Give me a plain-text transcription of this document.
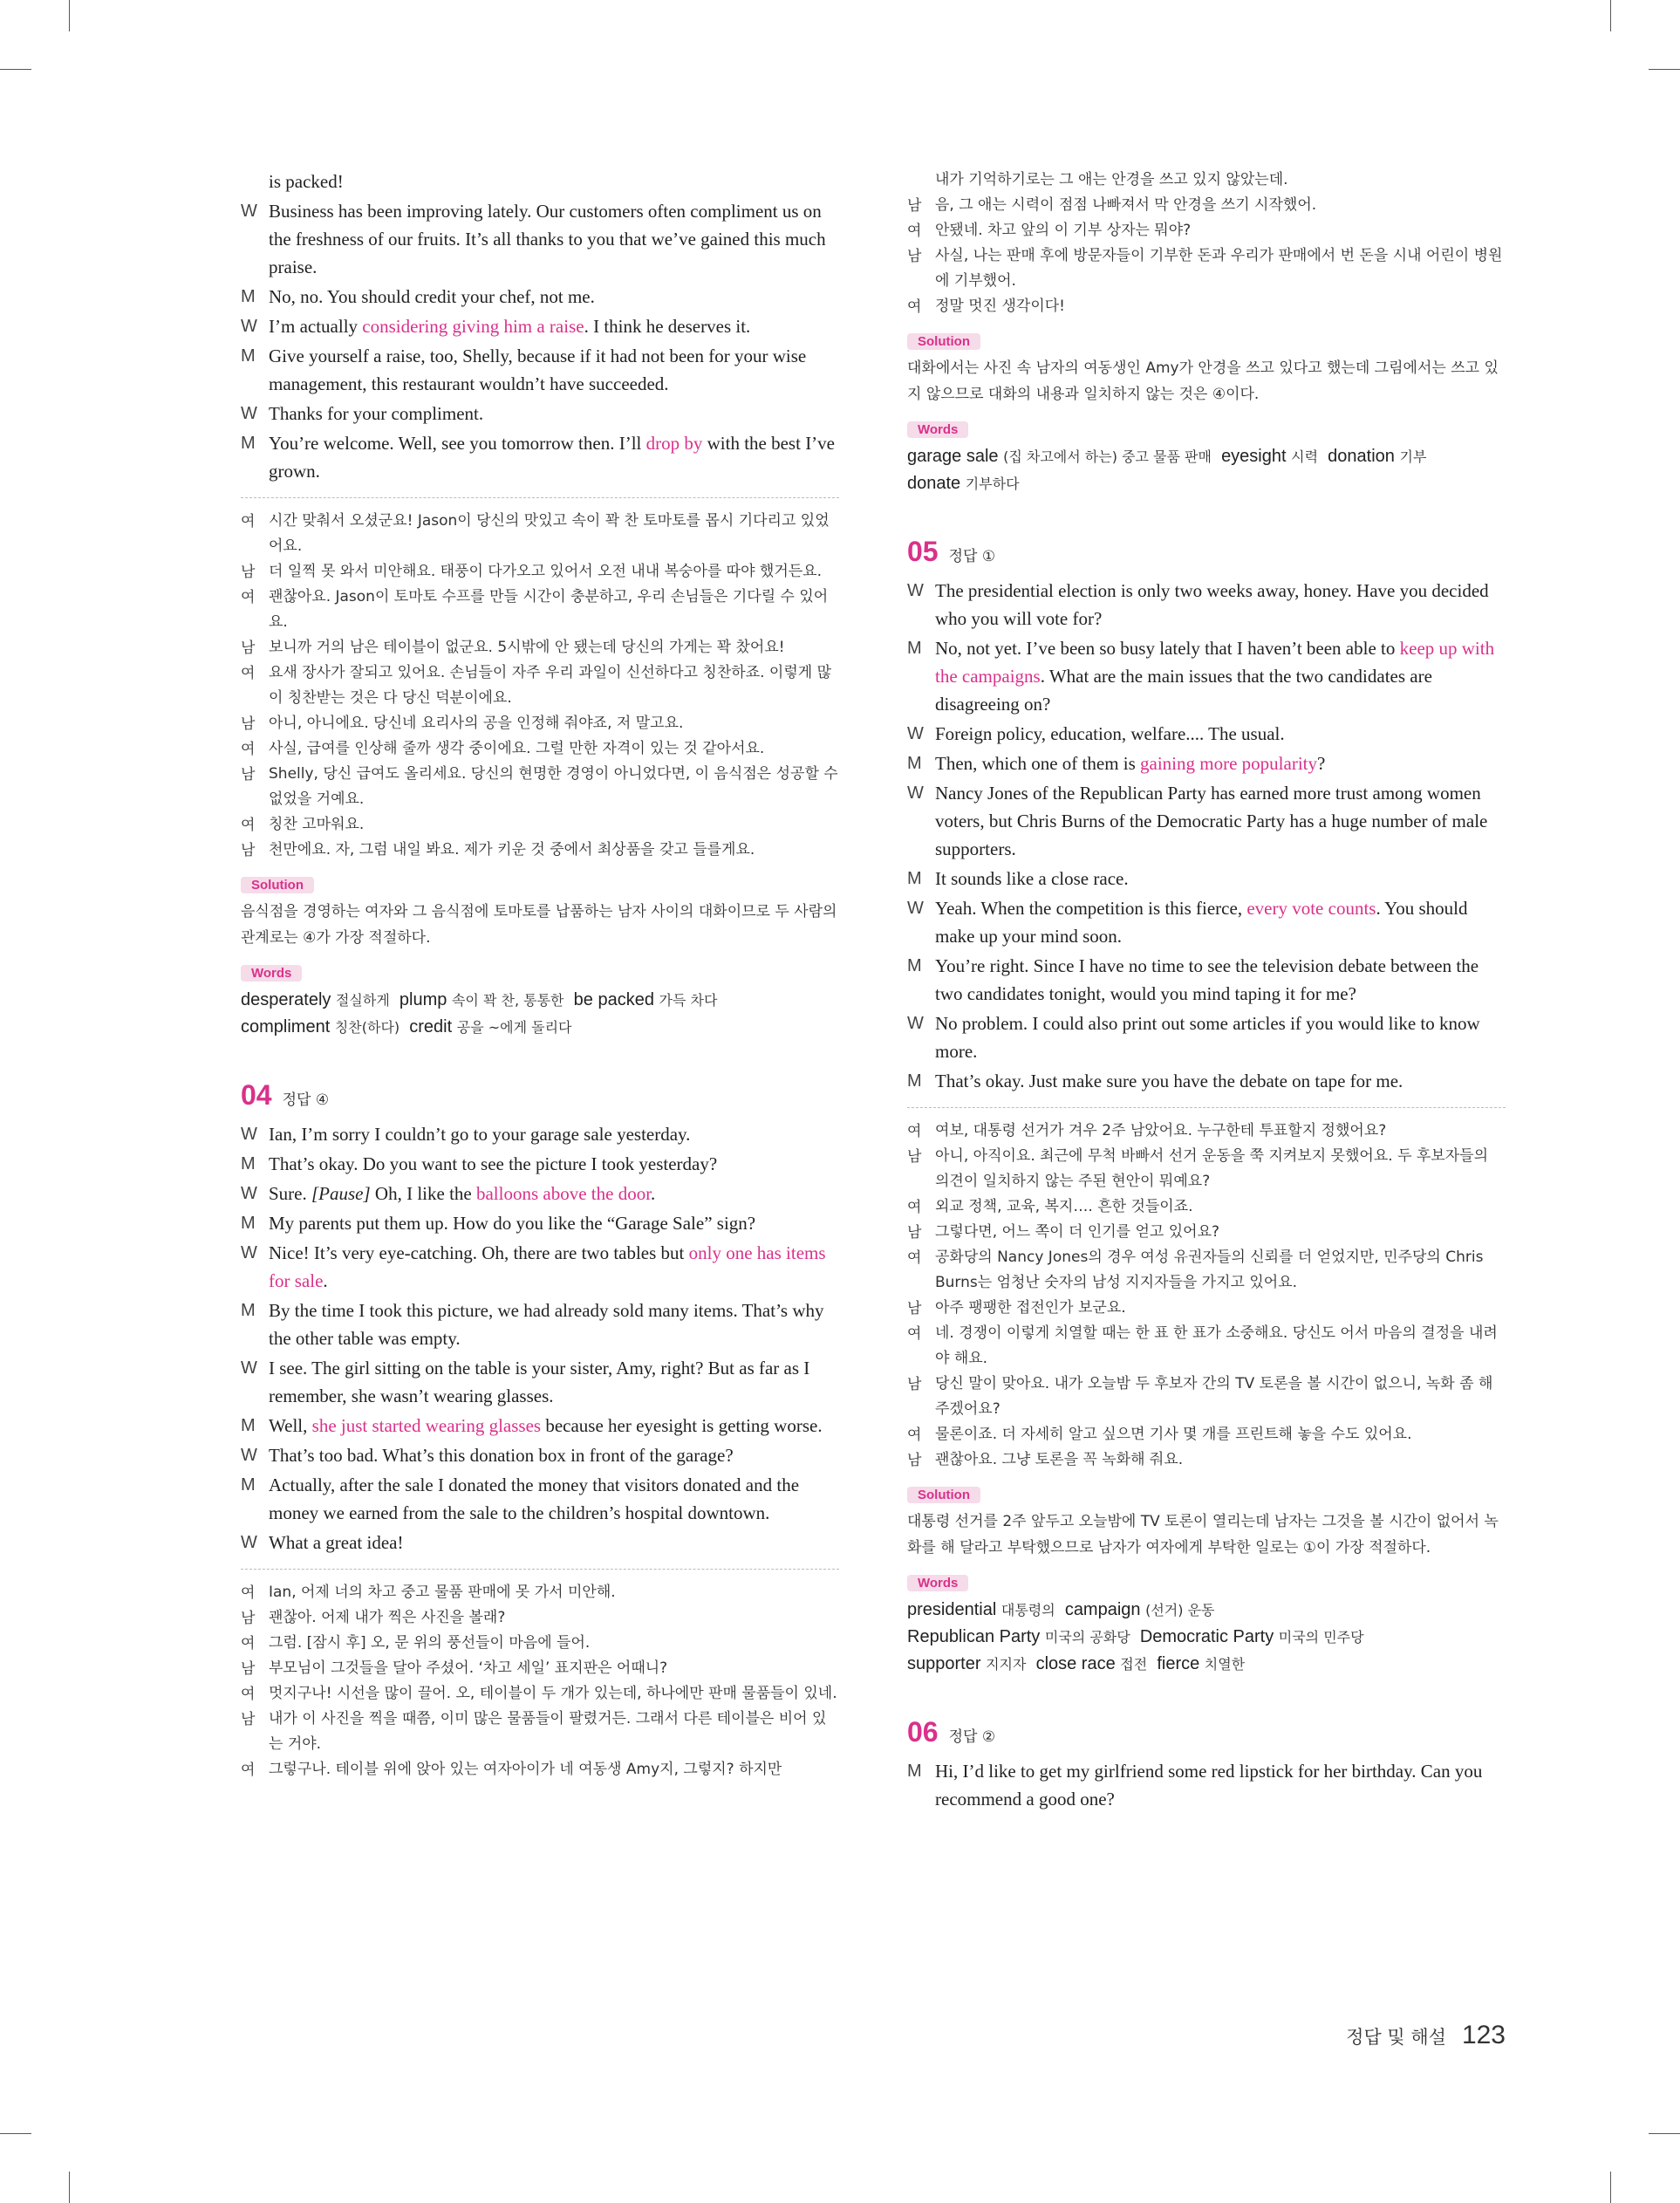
is packed!
W Business has been improving lately. Our customers often compliment us on the freshness of our fruits. It’s all thanks to you that we’ve gained this much praise.
M No, no. You should credit your chef, not me.
W I’m actually considering giving him a raise. I think he deserves it.
M Give yourself a raise, too, Shelly, because if it had not been for your wise management, this restaurant wouldn’t have succeeded.
W Thanks for your compliment.
M You’re welcome. Well, see you tomorrow then. I’ll drop by with the best I’ve grown.
여 시간 맞춰서 오셨군요! Jason이 당신의 맛있고 속이 꽉 찬 토마토를 몹시 기다리고 있었어요.
남 더 일찍 못 와서 미안해요. 태풍이 다가오고 있어서 오전 내내 복숭아를 따야 했거든요.
여 괜찮아요. Jason이 토마토 수프를 만들 시간이 충분하고, 우리 손님들은 기다릴 수 있어요.
남 보니까 거의 남은 테이블이 없군요. 5시밖에 안 됐는데 당신의 가게는 꽉 찼어요!
여 요새 장사가 잘되고 있어요. 손님들이 자주 우리 과일이 신선하다고 칭찬하죠. 이렇게 많이 칭찬받는 것은 다 당신 덕분이에요.
남 아니, 아니에요. 당신네 요리사의 공을 인정해 줘야죠, 저 말고요.
여 사실, 급여를 인상해 줄까 생각 중이에요. 그럴 만한 자격이 있는 것 같아서요.
남 Shelly, 당신 급여도 올리세요. 당신의 현명한 경영이 아니었다면, 이 음식점은 성공할 수 없었을 거예요.
여 칭찬 고마워요.
남 천만에요. 자, 그럼 내일 봐요. 제가 키운 것 중에서 최상품을 갖고 들를게요.
Solution
음식점을 경영하는 여자와 그 음식점에 토마토를 납품하는 남자 사이의 대화이므로 두 사람의 관계로는 ④가 가장 적절하다.
Words
desperately 절실하게 plump 속이 꽉 찬, 통통한 be packed 가득 차다
compliment 칭찬(하다) credit 공을 ~에게 돌리다
04 정답 ④
W Ian, I’m sorry I couldn’t go to your garage sale yesterday.
M That’s okay. Do you want to see the picture I took yesterday?
W Sure. [Pause] Oh, I like the balloons above the door.
M My parents put them up. How do you like the “Garage Sale” sign?
W Nice! It’s very eye-catching. Oh, there are two tables but only one has items for sale.
M By the time I took this picture, we had already sold many items. That’s why the other table was empty.
W I see. The girl sitting on the table is your sister, Amy, right? But as far as I remember, she wasn’t wearing glasses.
M Well, she just started wearing glasses because her eyesight is getting worse.
W That’s too bad. What’s this donation box in front of the garage?
M Actually, after the sale I donated the money that visitors donated and the money we earned from the sale to the children’s hospital downtown.
W What a great idea!
여 Ian, 어제 너의 차고 중고 물품 판매에 못 가서 미안해.
남 괜찮아. 어제 내가 찍은 사진을 볼래?
여 그럼. [잠시 후] 오, 문 위의 풍선들이 마음에 들어.
남 부모님이 그것들을 달아 주셨어. ‘차고 세일’ 표지판은 어때니?
여 멋지구나! 시선을 많이 끌어. 오, 테이블이 두 개가 있는데, 하나에만 판매 물품들이 있네.
남 내가 이 사진을 찍을 때쯤, 이미 많은 물품들이 팔렸거든. 그래서 다른 테이블은 비어 있는 거야.
여 그렇구나. 테이블 위에 앉아 있는 여자아이가 네 여동생 Amy지, 그렇지? 하지만
내가 기억하기로는 그 애는 안경을 쓰고 있지 않았는데.
남 음, 그 애는 시력이 점점 나빠져서 막 안경을 쓰기 시작했어.
여 안됐네. 차고 앞의 이 기부 상자는 뭐야?
남 사실, 나는 판매 후에 방문자들이 기부한 돈과 우리가 판매에서 번 돈을 시내 어린이 병원에 기부했어.
여 정말 멋진 생각이다!
Solution
대화에서는 사진 속 남자의 여동생인 Amy가 안경을 쓰고 있다고 했는데 그림에서는 쓰고 있지 않으므로 대화의 내용과 일치하지 않는 것은 ④이다.
Words
garage sale (집 차고에서 하는) 중고 물품 판매 eyesight 시력 donation 기부
donate 기부하다
05 정답 ①
W The presidential election is only two weeks away, honey. Have you decided who you will vote for?
M No, not yet. I’ve been so busy lately that I haven’t been able to keep up with the campaigns. What are the main issues that the two candidates are disagreeing on?
W Foreign policy, education, welfare.... The usual.
M Then, which one of them is gaining more popularity?
W Nancy Jones of the Republican Party has earned more trust among women voters, but Chris Burns of the Democratic Party has a huge number of male supporters.
M It sounds like a close race.
W Yeah. When the competition is this fierce, every vote counts. You should make up your mind soon.
M You’re right. Since I have no time to see the television debate between the two candidates tonight, would you mind taping it for me?
W No problem. I could also print out some articles if you would like to know more.
M That’s okay. Just make sure you have the debate on tape for me.
여 여보, 대통령 선거가 겨우 2주 남았어요. 누구한테 투표할지 정했어요?
남 아니, 아직이요. 최근에 무척 바빠서 선거 운동을 쭉 지켜보지 못했어요. 두 후보자들의 의견이 일치하지 않는 주된 현안이 뭐예요?
여 외교 정책, 교육, 복지…. 흔한 것들이죠.
남 그렇다면, 어느 쪽이 더 인기를 얻고 있어요?
여 공화당의 Nancy Jones의 경우 여성 유권자들의 신뢰를 더 얻었지만, 민주당의 Chris Burns는 엄청난 숫자의 남성 지지자들을 가지고 있어요.
남 아주 팽팽한 접전인가 보군요.
여 네. 경쟁이 이렇게 치열할 때는 한 표 한 표가 소중해요. 당신도 어서 마음의 결정을 내려야 해요.
남 당신 말이 맞아요. 내가 오늘밤 두 후보자 간의 TV 토론을 볼 시간이 없으니, 녹화 좀 해주겠어요?
여 물론이죠. 더 자세히 알고 싶으면 기사 몇 개를 프린트해 놓을 수도 있어요.
남 괜찮아요. 그냥 토론을 꼭 녹화해 줘요.
Solution
대통령 선거를 2주 앞두고 오늘밤에 TV 토론이 열리는데 남자는 그것을 볼 시간이 없어서 녹화를 해 달라고 부탁했으므로 남자가 여자에게 부탁한 일로는 ①이 가장 적절하다.
Words
presidential 대통령의 campaign (선거) 운동
Republican Party 미국의 공화당 Democratic Party 미국의 민주당
supporter 지지자 close race 접전 fierce 치열한
06 정답 ②
M Hi, I’d like to get my girlfriend some red lipstick for her birthday. Can you recommend a good one?
정답 및 해설 123
